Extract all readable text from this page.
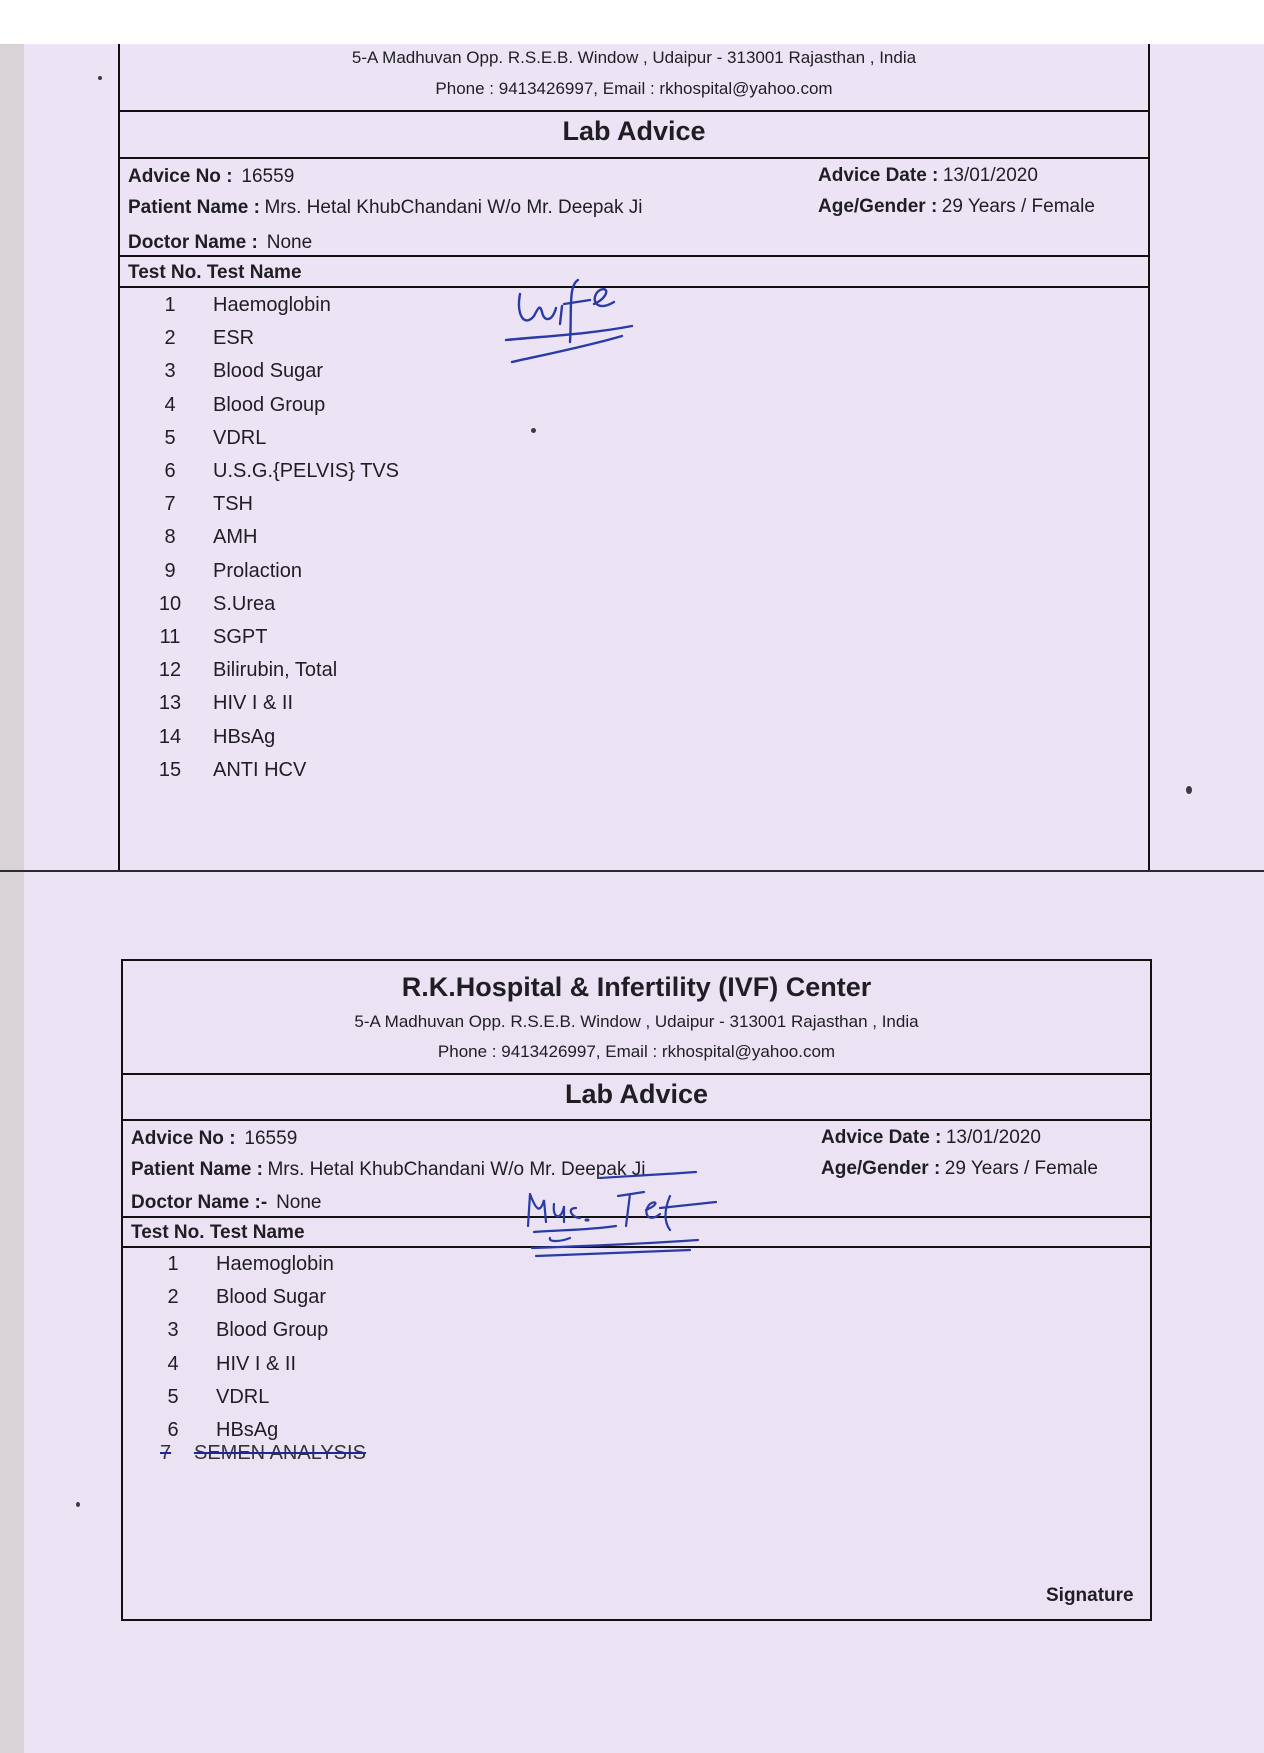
5-A Madhuvan Opp. R.S.E.B. Window , Udaipur - 313001 Rajasthan , India
Phone : 9413426997, Email : rkhospital@yahoo.com
Lab Advice
Advice No : 16559	Advice Date : 13/01/2020
Patient Name : Mrs. Hetal KhubChandani W/o Mr. Deepak Ji	Age/Gender : 29 Years / Female
Doctor Name : None
Test No. Test Name
1 Haemoglobin
2 ESR
3 Blood Sugar
4 Blood Group
5 VDRL
6 U.S.G.{PELVIS} TVS
7 TSH
8 AMH
9 Prolaction
10 S.Urea
11 SGPT
12 Bilirubin, Total
13 HIV I & II
14 HBsAg
15 ANTI HCV
R.K.Hospital & Infertility (IVF) Center
5-A Madhuvan Opp. R.S.E.B. Window , Udaipur - 313001 Rajasthan , India
Phone : 9413426997, Email : rkhospital@yahoo.com
Lab Advice
Advice No : 16559	Advice Date : 13/01/2020
Patient Name : Mrs. Hetal KhubChandani W/o Mr. Deepak Ji	Age/Gender : 29 Years / Female
Doctor Name :- None
Test No. Test Name
1 Haemoglobin
2 Blood Sugar
3 Blood Group
4 HIV I & II
5 VDRL
6 HBsAg
7 SEMEN ANALYSIS
Signature
